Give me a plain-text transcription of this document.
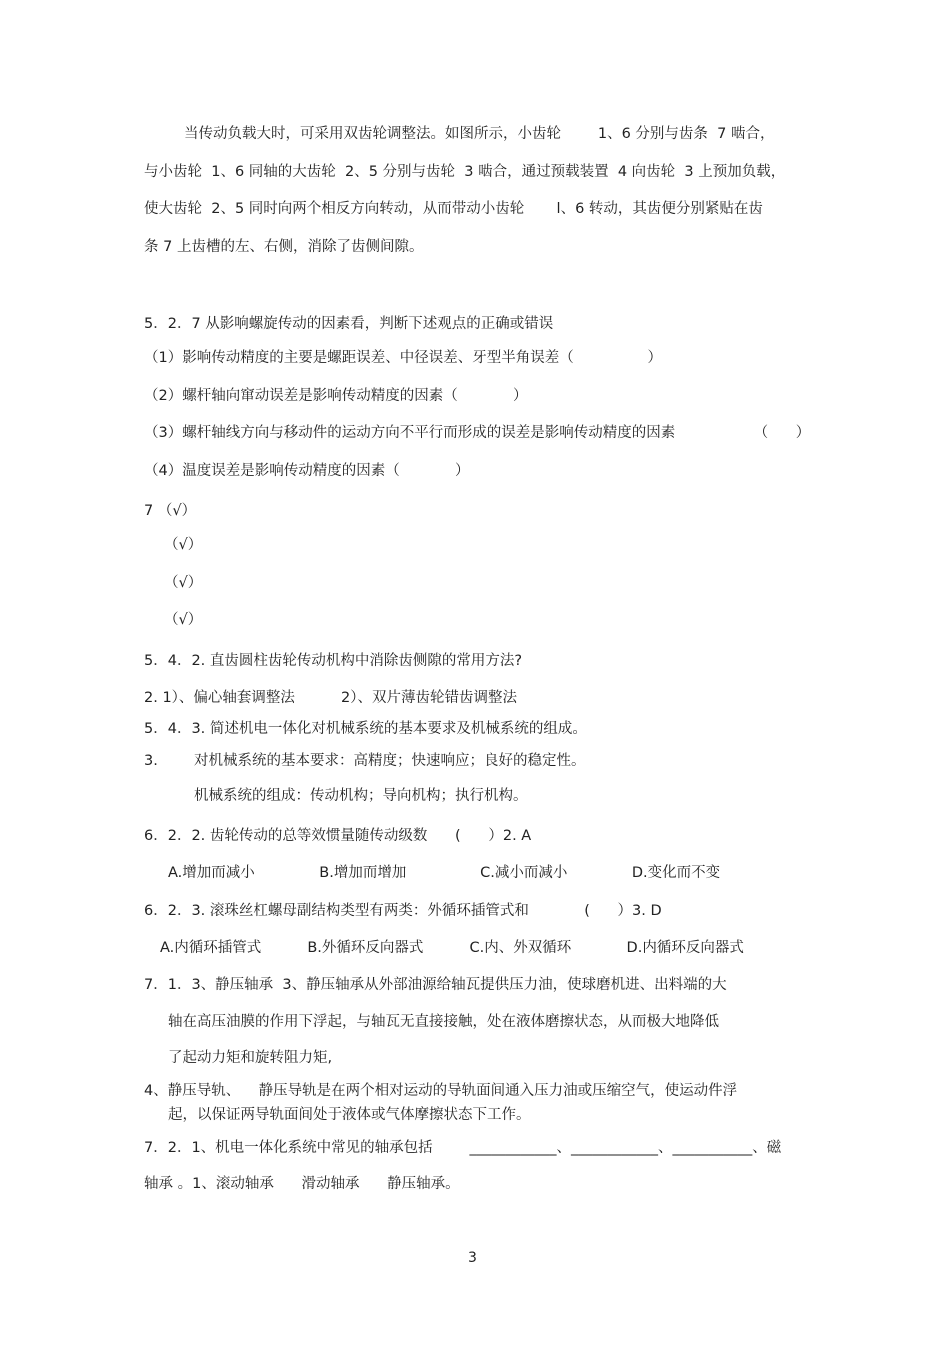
当传动负载大时，可采用双齿轮调整法。如图所示，小齿轮        1、6 分别与齿条  7 啮合，
与小齿轮  1、6 同轴的大齿轮  2、5 分别与齿轮  3 啮合，通过预载装置  4 向齿轮  3 上预加负载，
使大齿轮  2、5 同时向两个相反方向转动，从而带动小齿轮       l、6 转动，其齿便分别紧贴在齿
条 7 上齿槽的左、右侧，消除了齿侧间隙。
5．2．7 从影响螺旋传动的因素看，判断下述观点的正确或错误
（1）影响传动精度的主要是螺距误差、中径误差、牙型半角误差（                ）
（2）螺杆轴向窜动误差是影响传动精度的因素（            ）
（3）螺杆轴线方向与移动件的运动方向不平行而形成的误差是影响传动精度的因素                 （      ）
（4）温度误差是影响传动精度的因素（            ）
7 （√）
（√）
（√）
（√）
5．4．2. 直齿圆柱齿轮传动机构中消除齿侧隙的常用方法?
2. 1）、偏心轴套调整法          2）、双片薄齿轮错齿调整法
5．4．3. 简述机电一体化对机械系统的基本要求及机械系统的组成。
3. 对机械系统的基本要求：高精度；快速响应；良好的稳定性。
机械系统的组成：传动机构；导向机构；执行机构。
6．2．2. 齿轮传动的总等效惯量随传动级数      (      ）2. A
A.增加而减小              B.增加而增加                C.减小而减小              D.变化而不变
6．2．3. 滚珠丝杠螺母副结构类型有两类：外循环插管式和            (      ）3. D
A.内循环插管式          B.外循环反向器式          C.内、外双循环            D.内循环反向器式
7．1．3、静压轴承  3、静压轴承从外部油源给轴瓦提供压力油，使球磨机进、出料端的大
轴在高压油膜的作用下浮起，与轴瓦无直接接触，处在液体磨擦状态，从而极大地降低
了起动力矩和旋转阻力矩,
4、静压导轨、    静压导轨是在两个相对运动的导轨面间通入压力油或压缩空气，使运动件浮
起，以保证两导轨面间处于液体或气体摩擦状态下工作。
7．2．1、机电一体化系统中常见的轴承包括        ____________、____________、___________、磁
轴承 。1、滚动轴承      滑动轴承      静压轴承。
3
